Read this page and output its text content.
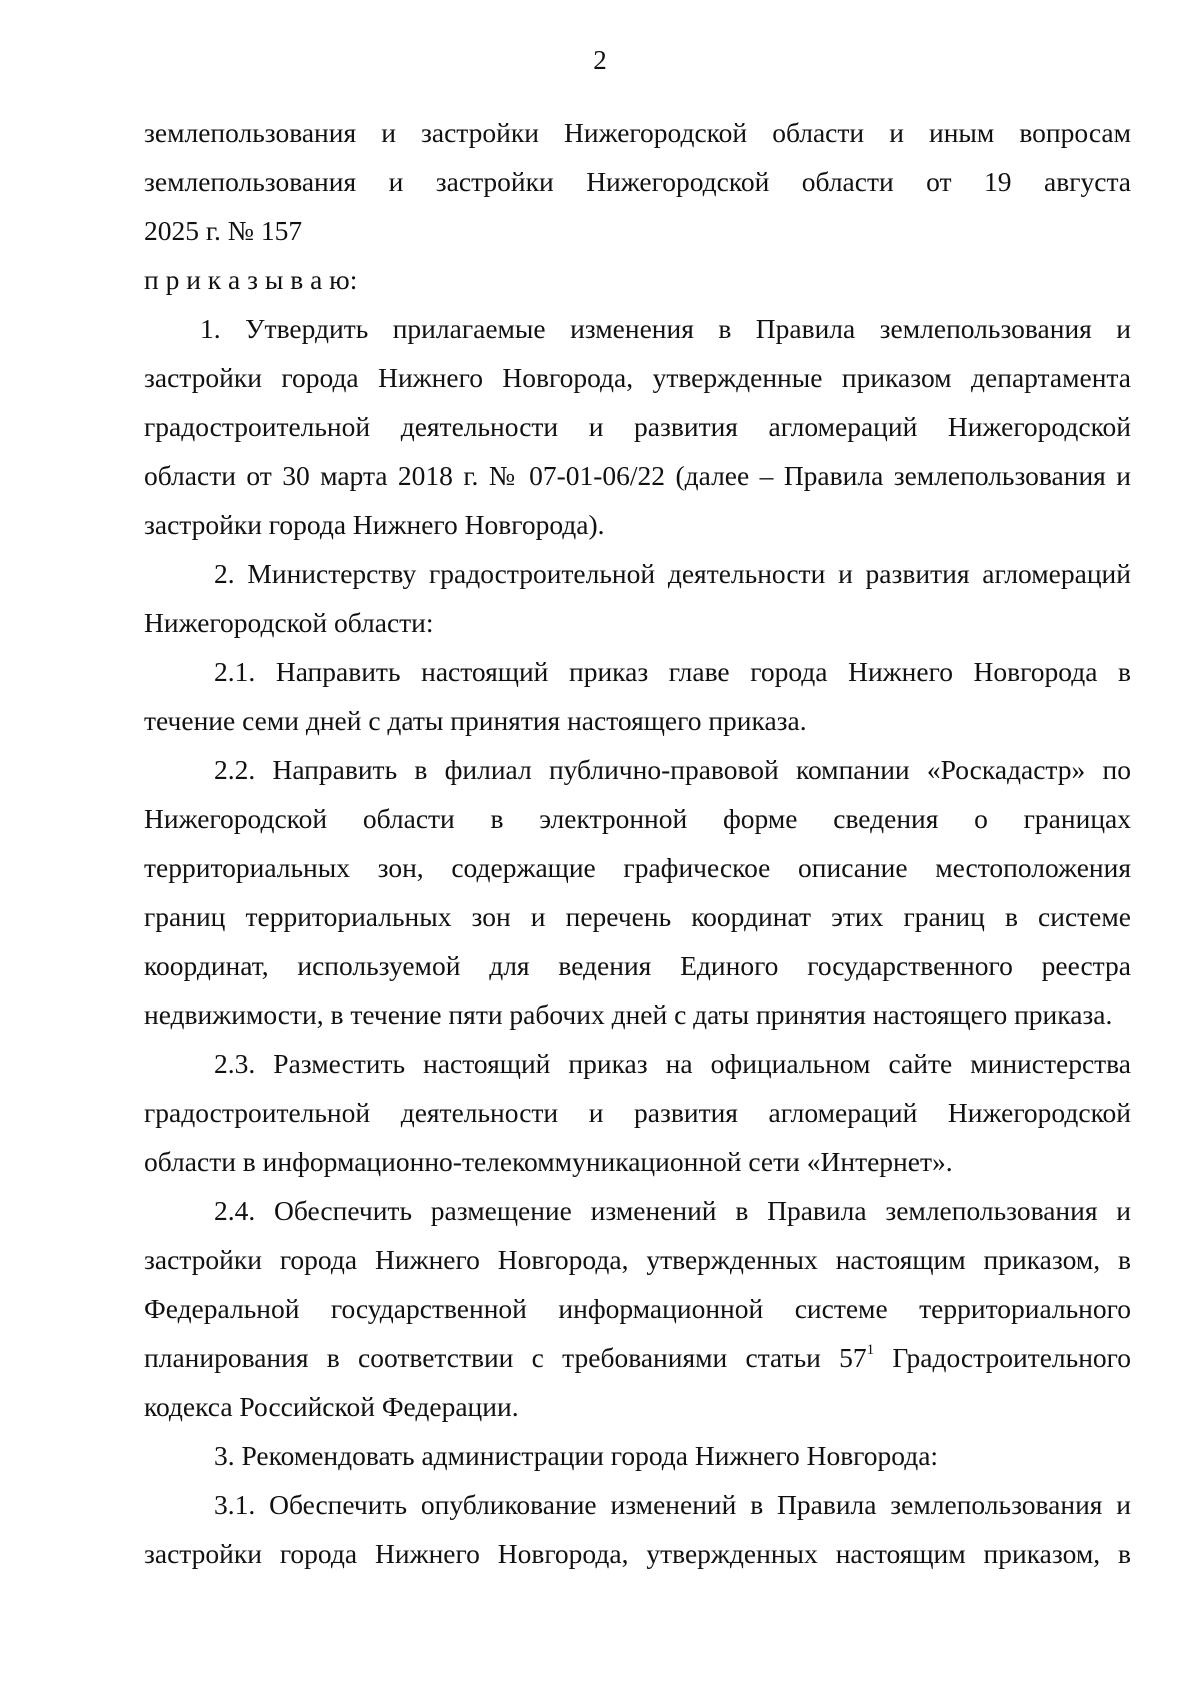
2
землепользования и застройки Нижегородской области и иным вопросам
землепользования и застройки Нижегородской области от 19 августа
2025 г. № 157
п р и к а з ы в а ю:
1. Утвердить прилагаемые изменения в Правила землепользования и
застройки города Нижнего Новгорода, утвержденные приказом департамента
градостроительной деятельности и развития агломераций Нижегородской
области от 30 марта 2018 г. № 07-01-06/22 (далее – Правила землепользования и
застройки города Нижнего Новгорода).
2. Министерству градостроительной деятельности и развития агломераций
Нижегородской области:
2.1. Направить настоящий приказ главе города Нижнего Новгорода в
течение семи дней с даты принятия настоящего приказа.
2.2. Направить в филиал публично-правовой компании «Роскадастр» по
Нижегородской области в электронной форме сведения о границах
территориальных зон, содержащие графическое описание местоположения
границ территориальных зон и перечень координат этих границ в системе
координат, используемой для ведения Единого государственного реестра
недвижимости, в течение пяти рабочих дней с даты принятия настоящего приказа.
2.3. Разместить настоящий приказ на официальном сайте министерства
градостроительной деятельности и развития агломераций Нижегородской
области в информационно-телекоммуникационной сети «Интернет».
2.4. Обеспечить размещение изменений в Правила землепользования и
застройки города Нижнего Новгорода, утвержденных настоящим приказом, в
Федеральной государственной информационной системе территориального
планирования в соответствии с требованиями статьи $57^1$ Градостроительного
кодекса Российской Федерации.
3. Рекомендовать администрации города Нижнего Новгорода:
3.1. Обеспечить опубликование изменений в Правила землепользования и
застройки города Нижнего Новгорода, утвержденных настоящим приказом, в
